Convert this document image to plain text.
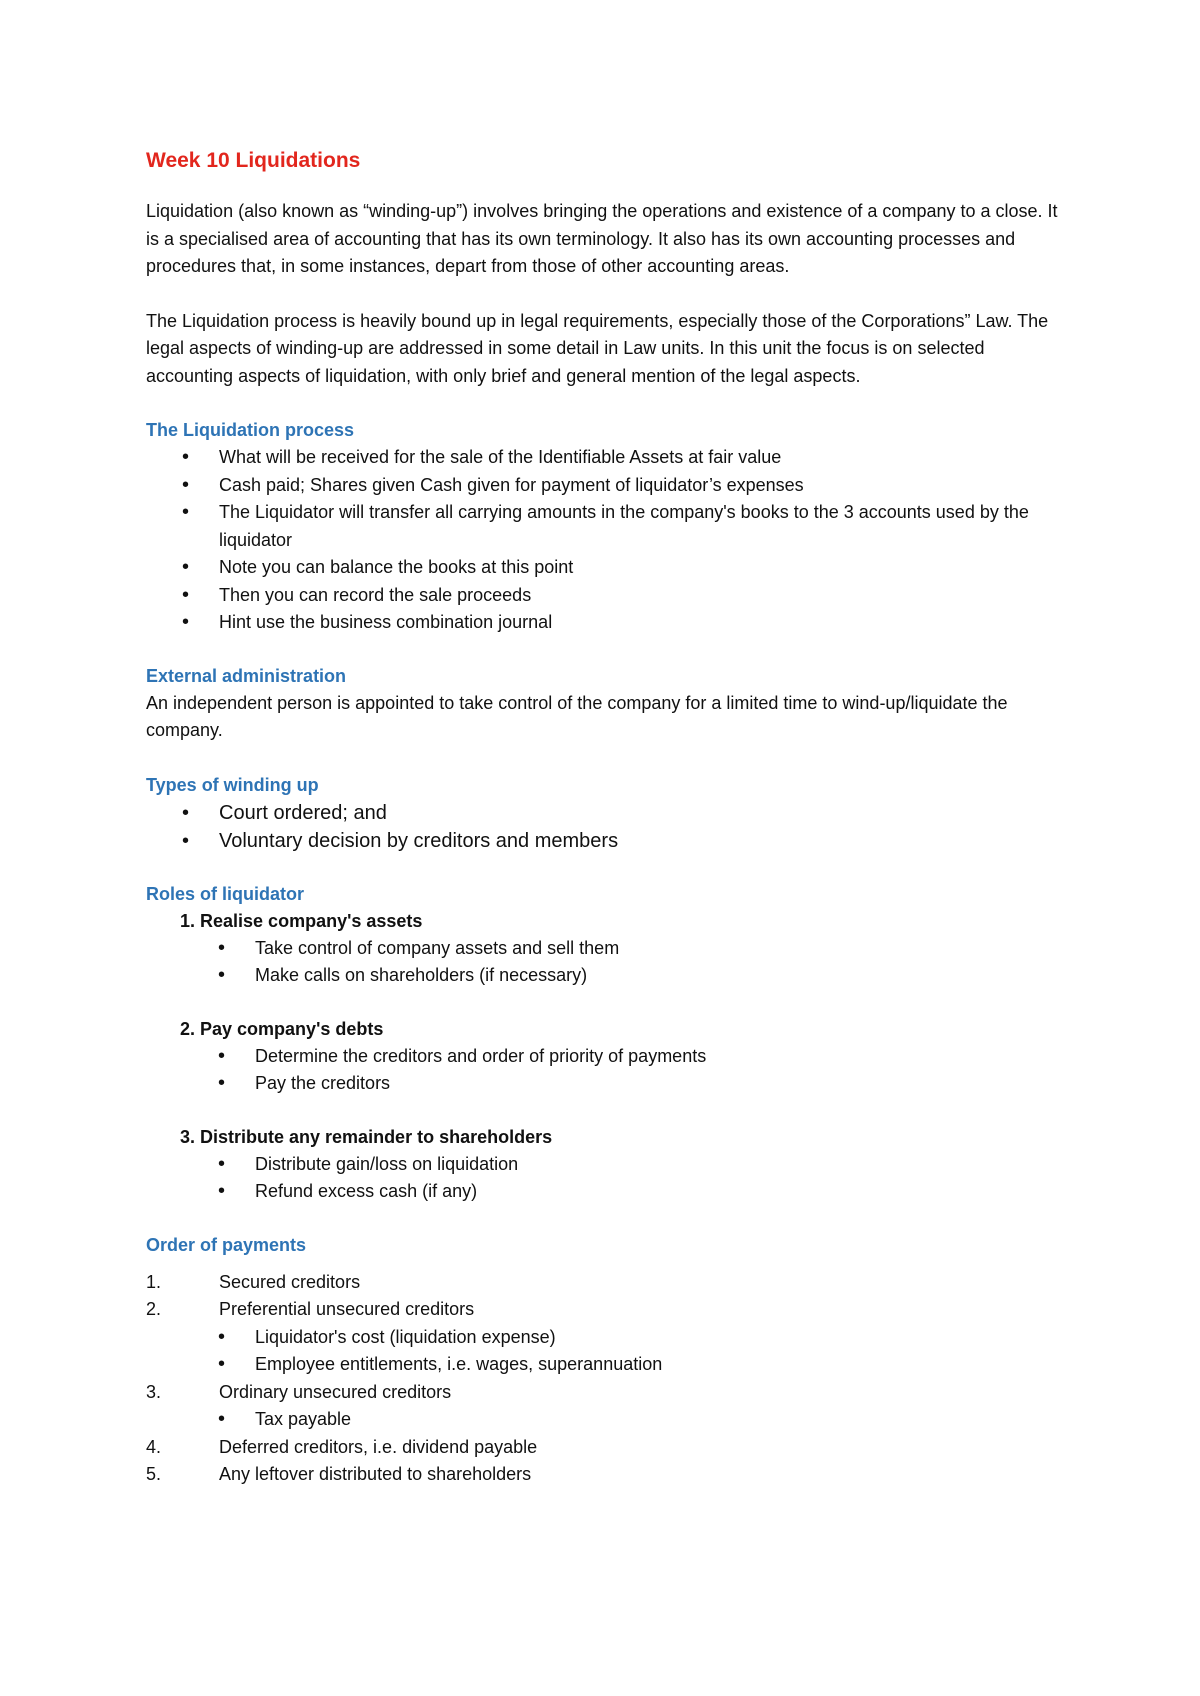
Week 10 Liquidations

Liquidation (also known as “winding-up”) involves bringing the operations and existence of a company to a close. It is a specialised area of accounting that has its own terminology. It also has its own accounting processes and procedures that, in some instances, depart from those of other accounting areas.

The Liquidation process is heavily bound up in legal requirements, especially those of the Corporations” Law. The legal aspects of winding-up are addressed in some detail in Law units. In this unit the focus is on selected accounting aspects of liquidation, with only brief and general mention of the legal aspects.

The Liquidation process
• What will be received for the sale of the Identifiable Assets at fair value
• Cash paid; Shares given Cash given for payment of liquidator’s expenses
• The Liquidator will transfer all carrying amounts in the company's books to the 3 accounts used by the liquidator
• Note you can balance the books at this point
• Then you can record the sale proceeds
• Hint use the business combination journal
External administration

An independent person is appointed to take control of the company for a limited time to wind-up/liquidate the company.

Types of winding up
• Court ordered; and
• Voluntary decision by creditors and members
Roles of liquidator
1. Realise company's assets
• Take control of company assets and sell them
• Make calls on shareholders (if necessary)
2. Pay company's debts
• Determine the creditors and order of priority of payments
• Pay the creditors
3. Distribute any remainder to shareholders
• Distribute gain/loss on liquidation
• Refund excess cash (if any)
Order of payments
1.	Secured creditors
2.	Preferential unsecured creditors
• Liquidator's cost (liquidation expense)
• Employee entitlements, i.e. wages, superannuation
3.	Ordinary unsecured creditors
• Tax payable
4.	Deferred creditors, i.e. dividend payable
5.	Any leftover distributed to shareholders
